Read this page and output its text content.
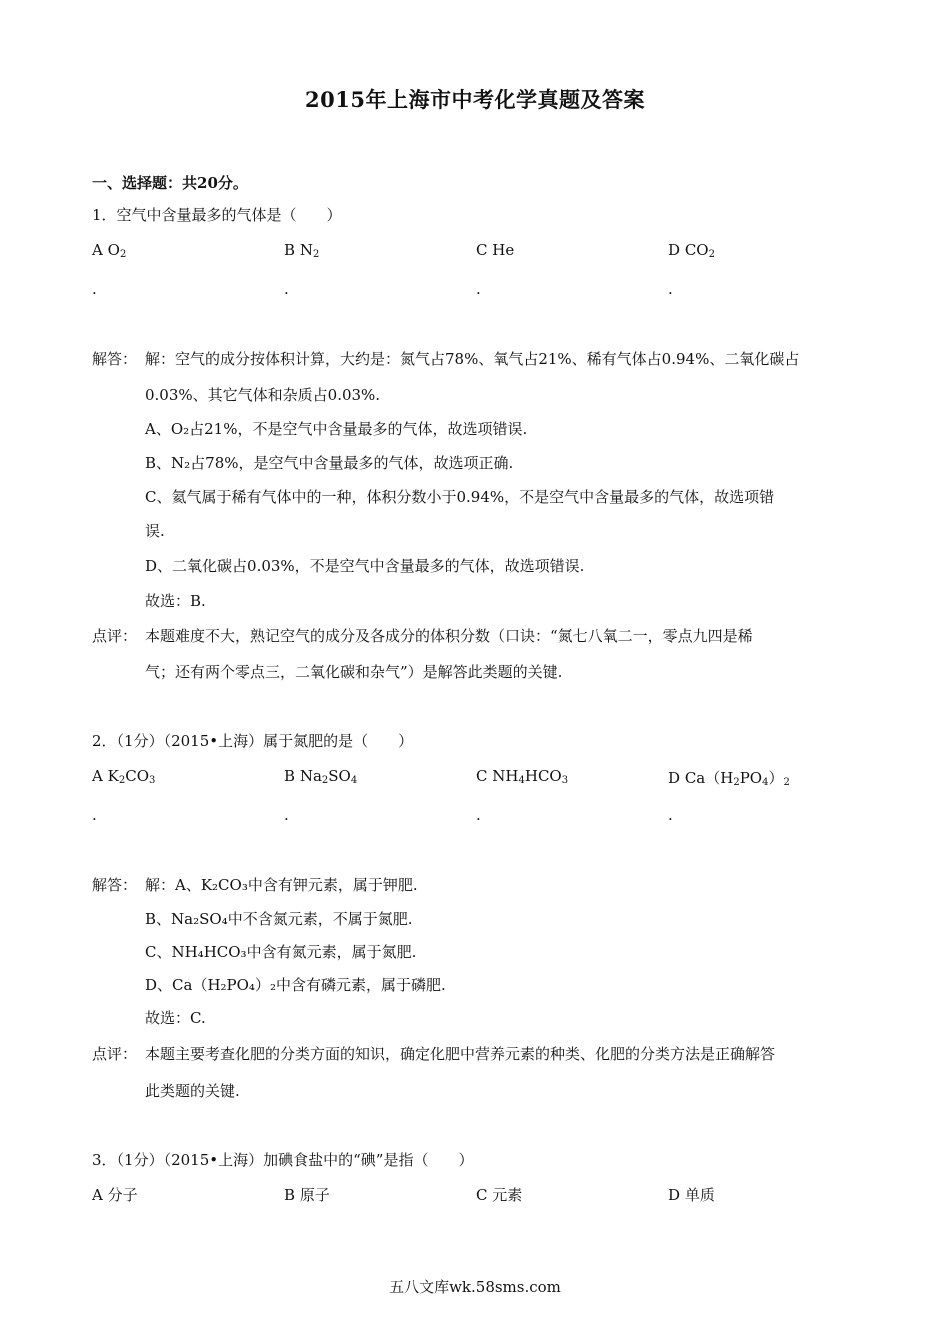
2015年上海市中考化学真题及答案
一、选择题：共20分。
1．空气中含量最多的气体是（　　）
A $O_2$	B $N_2$	C He	D $CO_2$
.	.	.	.
解答： 解：空气的成分按体积计算，大约是：氮气占78%、氧气占21%、稀有气体占0.94%、二氧化碳占
0.03%、其它气体和杂质占0.03%.
A、O₂占21%，不是空气中含量最多的气体，故选项错误.
B、N₂占78%，是空气中含量最多的气体，故选项正确.
C、氦气属于稀有气体中的一种，体积分数小于0.94%，不是空气中含量最多的气体，故选项错
误.
D、二氧化碳占0.03%，不是空气中含量最多的气体，故选项错误.
故选：B.
点评： 本题难度不大，熟记空气的成分及各成分的体积分数（口诀：“氮七八氧二一，零点九四是稀
气；还有两个零点三，二氧化碳和杂气”）是解答此类题的关键.
2．（1分）（2015•上海）属于氮肥的是（　　）
A $K_2CO_3$	B $Na_2SO_4$	C $NH_4HCO_3$	D $Ca(H_2PO_4)_2$
.	.	.	.
解答： 解：A、K₂CO₃中含有钾元素，属于钾肥.
B、Na₂SO₄中不含氮元素，不属于氮肥.
C、NH₄HCO₃中含有氮元素，属于氮肥.
D、Ca（H₂PO₄）₂中含有磷元素，属于磷肥.
故选：C.
点评： 本题主要考查化肥的分类方面的知识，确定化肥中营养元素的种类、化肥的分类方法是正确解答
此类题的关键.
3．（1分）（2015•上海）加碘食盐中的“碘”是指（　　）
A 分子	B 原子	C 元素	D 单质
五八文库wk.58sms.com
